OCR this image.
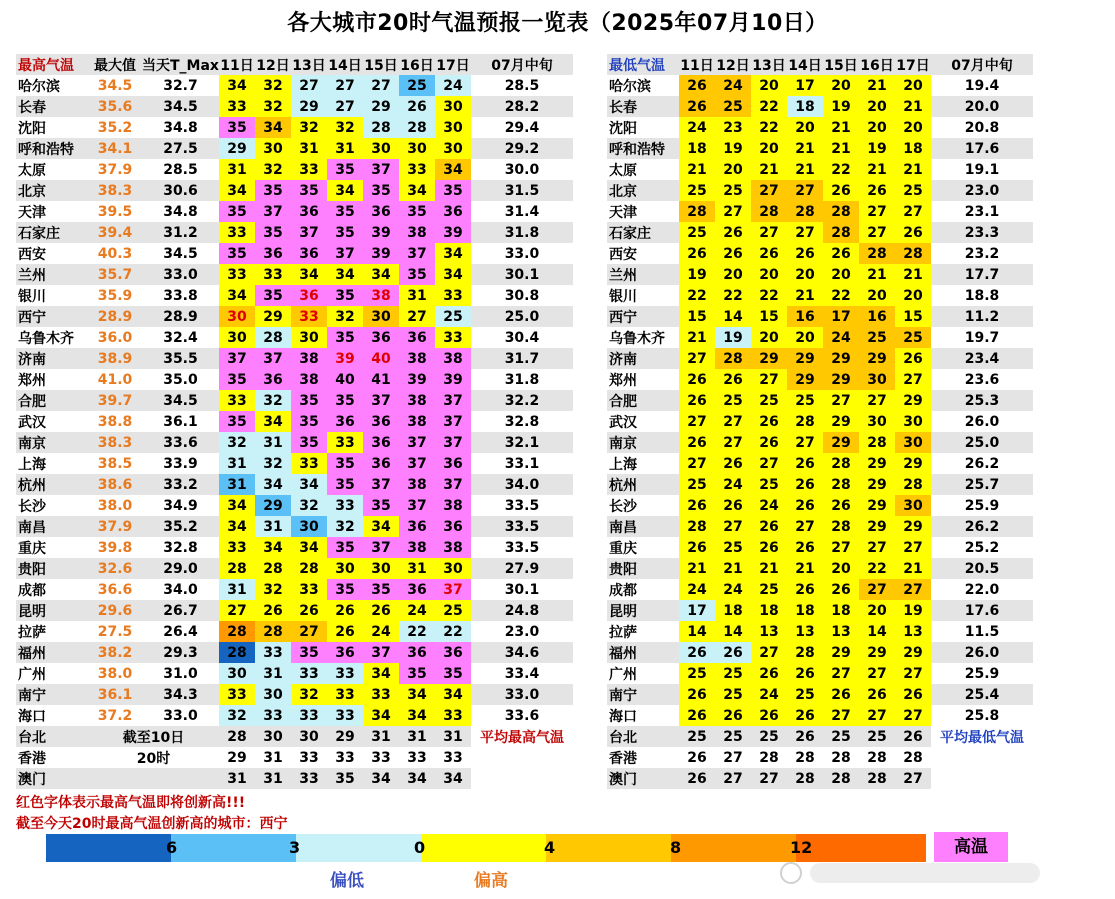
各大城市20时气温预报一览表（2025年07月10日）
最高气温	最大值	当天T_Max	11日	12日	13日	14日	15日	16日	17日	07月中旬
哈尔滨	34.5	32.7	34	32	27	27	27	25	24	28.5
长春	35.6	34.5	33	32	29	27	29	26	30	28.2
沈阳	35.2	34.8	35	34	32	32	28	28	30	29.4
呼和浩特	34.1	27.5	29	30	31	31	30	30	30	29.2
太原	37.9	28.5	31	32	33	35	37	33	34	30.0
北京	38.3	30.6	34	35	35	34	35	34	35	31.5
天津	39.5	34.8	35	37	36	35	36	35	36	31.4
石家庄	39.4	31.2	33	35	37	35	39	38	39	31.8
西安	40.3	34.5	35	36	36	37	39	37	34	33.0
兰州	35.7	33.0	33	33	34	34	34	35	34	30.1
银川	35.9	33.8	34	35	36	35	38	31	33	30.8
西宁	28.9	28.9	30	29	33	32	30	27	25	25.0
乌鲁木齐	36.0	32.4	30	28	30	35	36	36	33	30.4
济南	38.9	35.5	37	37	38	39	40	38	38	31.7
郑州	41.0	35.0	35	36	38	40	41	39	39	31.8
合肥	39.7	34.5	33	32	35	35	37	38	37	32.2
武汉	38.8	36.1	35	34	35	36	36	38	37	32.8
南京	38.3	33.6	32	31	35	33	36	37	37	32.1
上海	38.5	33.9	31	32	33	35	36	37	36	33.1
杭州	38.6	33.2	31	34	34	35	37	38	37	34.0
长沙	38.0	34.9	34	29	32	33	35	37	38	33.5
南昌	37.9	35.2	34	31	30	32	34	36	36	33.5
重庆	39.8	32.8	33	34	34	35	37	38	38	33.5
贵阳	32.6	29.0	28	28	28	30	30	31	30	27.9
成都	36.6	34.0	31	32	33	35	35	36	37	30.1
昆明	29.6	26.7	27	26	26	26	26	24	25	24.8
拉萨	27.5	26.4	28	28	27	26	24	22	22	23.0
福州	38.2	29.3	28	33	35	36	37	36	36	34.6
广州	38.0	31.0	30	31	33	33	34	35	35	33.4
南宁	36.1	34.3	33	30	32	33	33	34	34	33.0
海口	37.2	33.0	32	33	33	33	34	34	33	33.6
台北	截至10日		28	30	30	29	31	31	31	平均最高气温
香港	20时		29	31	33	33	33	33	33	
澳门			31	31	33	35	34	34	34	
最低气温	11日	12日	13日	14日	15日	16日	17日	07月中旬
哈尔滨	26	24	20	17	20	21	20	19.4
长春	26	25	22	18	19	20	21	20.0
沈阳	24	23	22	20	21	20	20	20.8
呼和浩特	18	19	20	21	21	19	18	17.6
太原	21	20	21	21	22	21	21	19.1
北京	25	25	27	27	26	26	25	23.0
天津	28	27	28	28	28	27	27	23.1
石家庄	25	26	27	27	28	27	26	23.3
西安	26	26	26	26	26	28	28	23.2
兰州	19	20	20	20	20	21	21	17.7
银川	22	22	22	21	22	20	20	18.8
西宁	15	14	15	16	17	16	15	11.2
乌鲁木齐	21	19	20	20	24	25	25	19.7
济南	27	28	29	29	29	29	26	23.4
郑州	26	26	27	29	29	30	27	23.6
合肥	26	25	25	25	27	27	29	25.3
武汉	27	27	26	28	29	30	30	26.0
南京	26	27	26	27	29	28	30	25.0
上海	27	26	27	26	28	29	29	26.2
杭州	25	24	25	26	28	29	28	25.7
长沙	26	26	24	26	26	29	30	25.9
南昌	28	27	26	27	28	29	29	26.2
重庆	26	25	26	26	27	27	27	25.2
贵阳	21	21	21	21	20	22	21	20.5
成都	24	24	25	26	26	27	27	22.0
昆明	17	18	18	18	18	20	19	17.6
拉萨	14	14	13	13	13	14	13	11.5
福州	26	26	27	28	29	29	29	26.0
广州	25	25	26	26	27	27	27	25.9
南宁	26	25	24	25	26	26	26	25.4
海口	26	26	26	26	27	27	27	25.8
台北	25	25	25	26	25	25	26	平均最低气温
香港	26	27	28	28	28	28	28	
澳门	26	27	27	28	28	28	27	
红色字体表示最高气温即将创新高!!!
截至今天20时最高气温创新高的城市：西宁
6	3	0	4	8	12	高温
偏低	偏高
